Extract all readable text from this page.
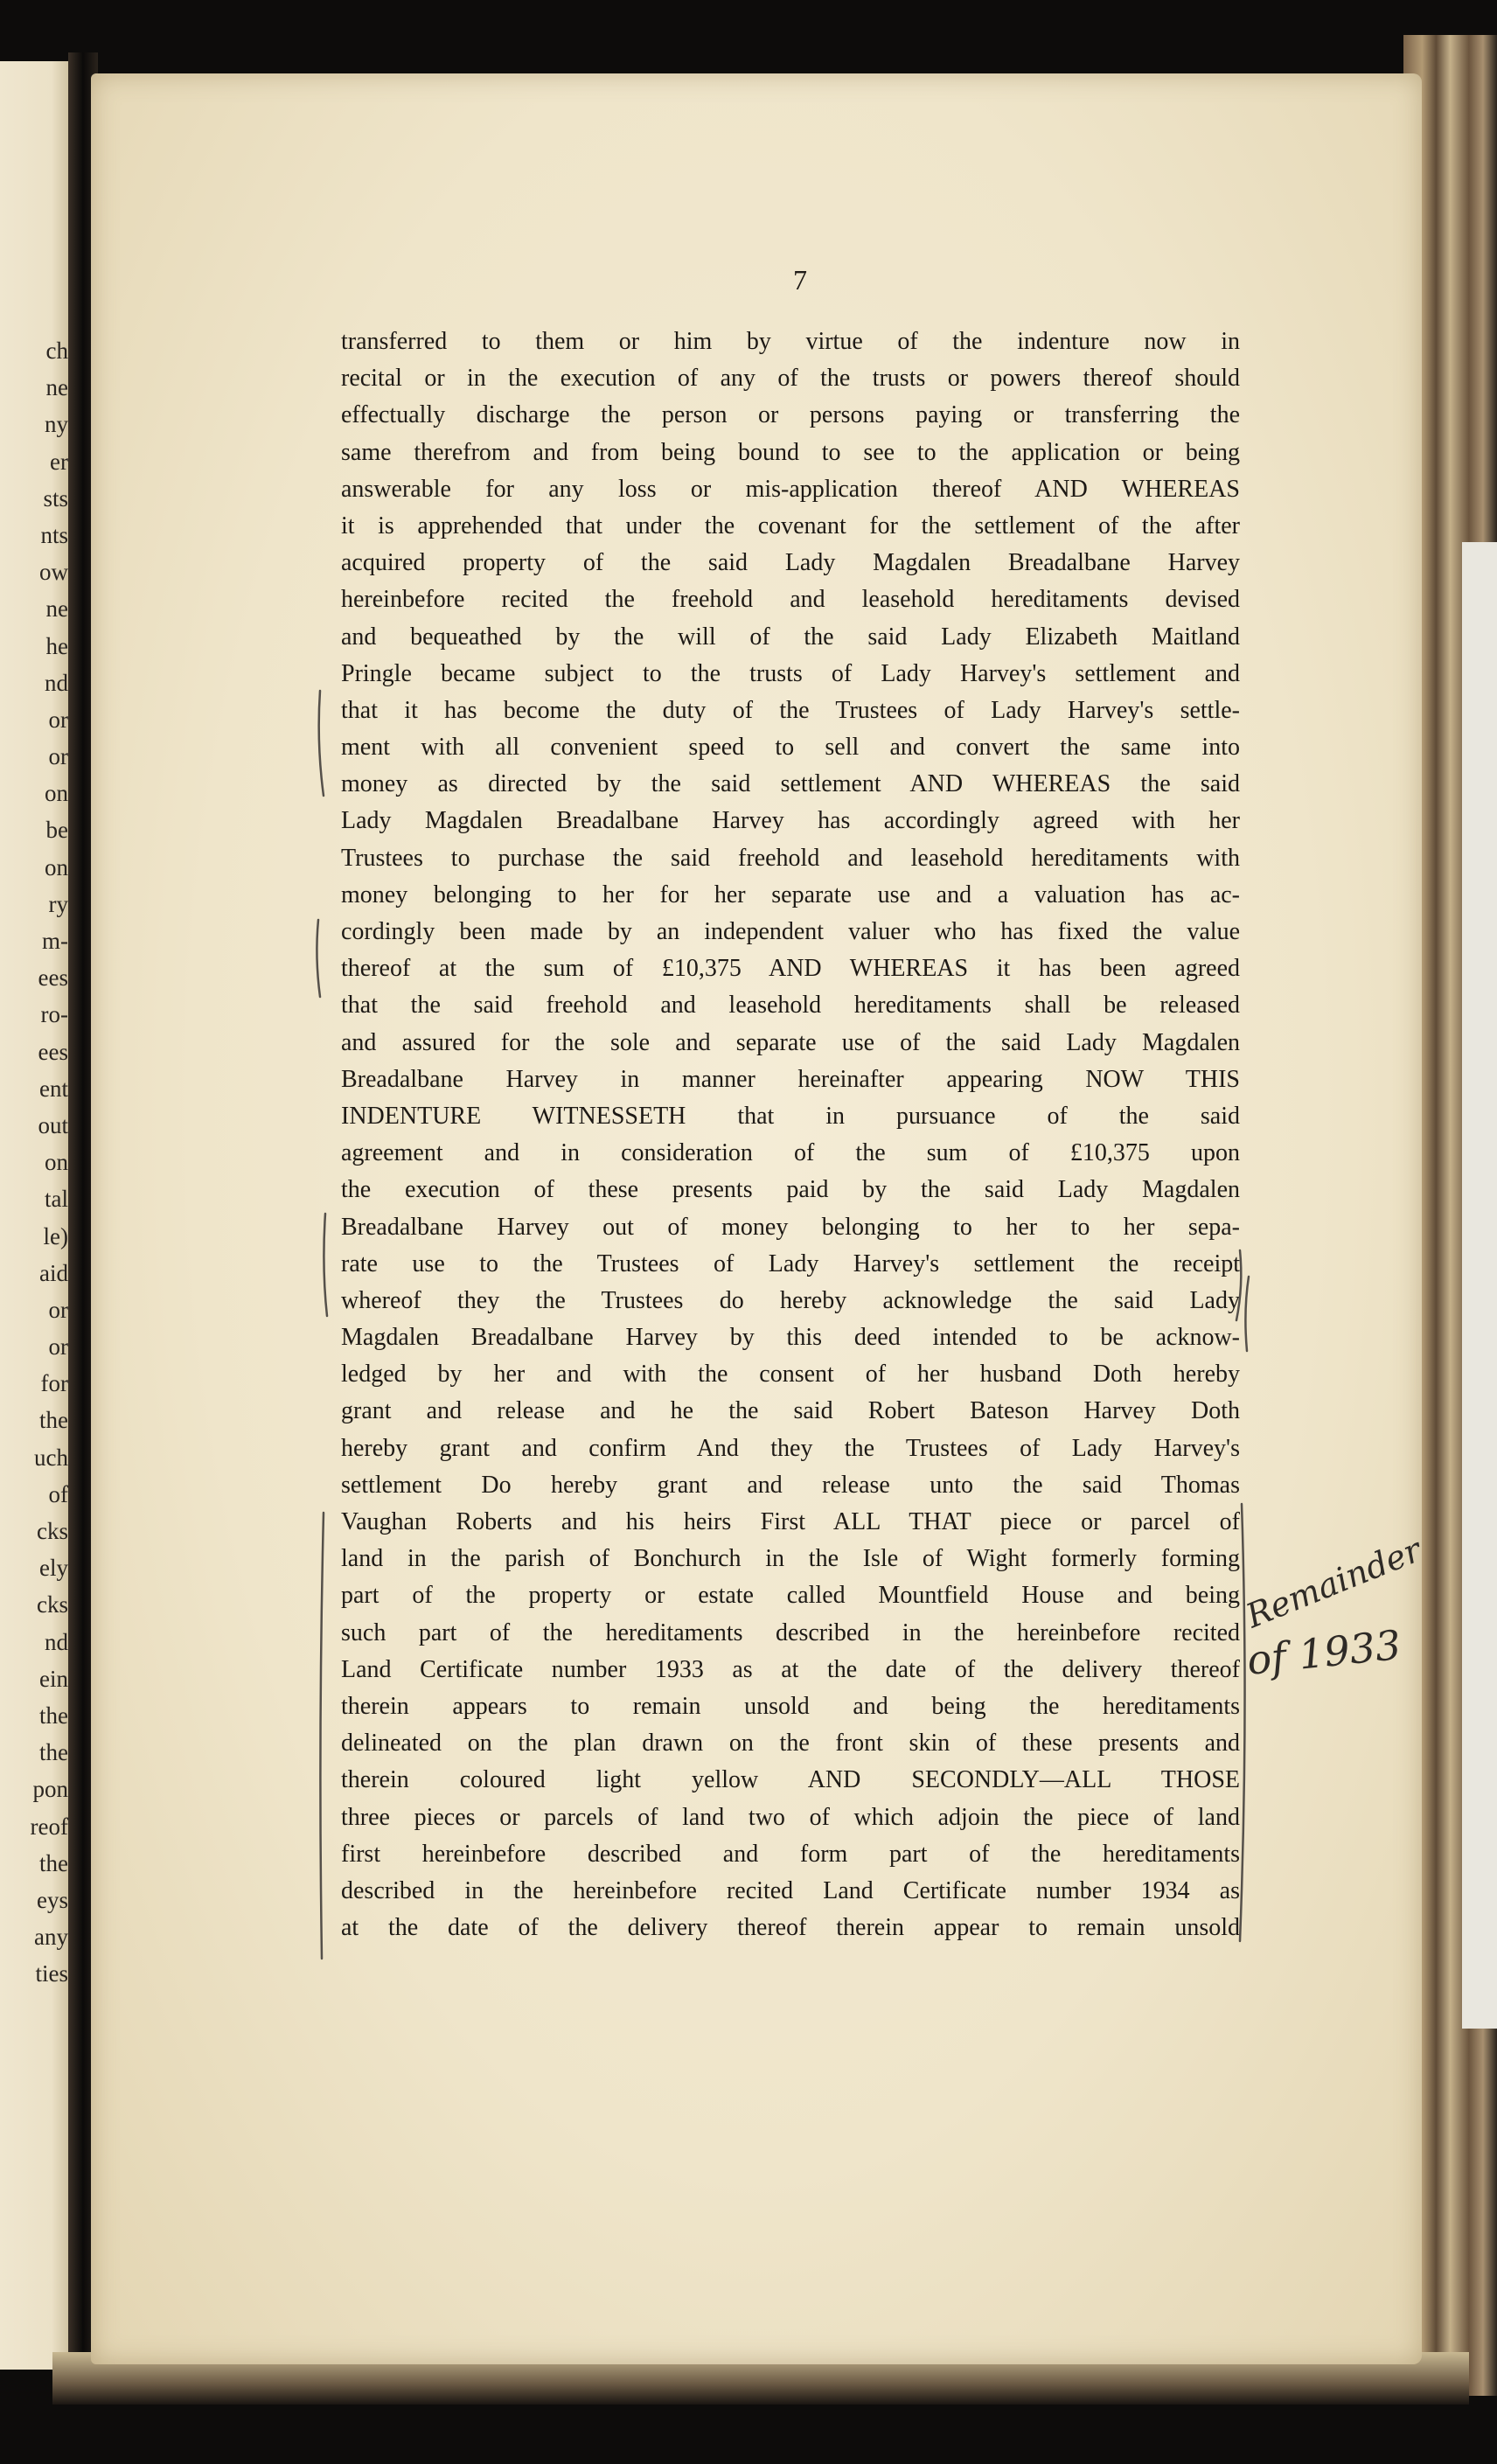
ch
ne
ny
er
sts
nts
ow
ne
he
nd
or
or
on
be
on
ry
m-
ees
ro-
ees
ent
out
on
tal
le)
aid
or
or
for
the
uch
of
cks
ely
cks
nd
ein
the
the
pon
reof
the
eys
any
ties
7
transferred to them or him by virtue of the indenture now in
recital or in the execution of any of the trusts or powers thereof should
effectually discharge the person or persons paying or transferring the
same therefrom and from being bound to see to the application or being
answerable for any loss or mis-application thereof AND WHEREAS
it is apprehended that under the covenant for the settlement of the after
acquired property of the said Lady Magdalen Breadalbane Harvey
hereinbefore recited the freehold and leasehold hereditaments devised
and bequeathed by the will of the said Lady Elizabeth Maitland
Pringle became subject to the trusts of Lady Harvey's settlement and
that it has become the duty of the Trustees of Lady Harvey's settle-
ment with all convenient speed to sell and convert the same into
money as directed by the said settlement AND WHEREAS the said
Lady Magdalen Breadalbane Harvey has accordingly agreed with her
Trustees to purchase the said freehold and leasehold hereditaments with
money belonging to her for her separate use and a valuation has ac-
cordingly been made by an independent valuer who has fixed the value
thereof at the sum of £10,375 AND WHEREAS it has been agreed
that the said freehold and leasehold hereditaments shall be released
and assured for the sole and separate use of the said Lady Magdalen
Breadalbane Harvey in manner hereinafter appearing NOW THIS
INDENTURE WITNESSETH that in pursuance of the said
agreement and in consideration of the sum of £10,375 upon
the execution of these presents paid by the said Lady Magdalen
Breadalbane Harvey out of money belonging to her to her sepa-
rate use to the Trustees of Lady Harvey's settlement the receipt
whereof they the Trustees do hereby acknowledge the said Lady
Magdalen Breadalbane Harvey by this deed intended to be acknow-
ledged by her and with the consent of her husband Doth hereby
grant and release and he the said Robert Bateson Harvey Doth
hereby grant and confirm And they the Trustees of Lady Harvey's
settlement Do hereby grant and release unto the said Thomas
Vaughan Roberts and his heirs First ALL THAT piece or parcel of
land in the parish of Bonchurch in the Isle of Wight formerly forming
part of the property or estate called Mountfield House and being
such part of the hereditaments described in the hereinbefore recited
Land Certificate number 1933 as at the date of the delivery thereof
therein appears to remain unsold and being the hereditaments
delineated on the plan drawn on the front skin of these presents and
therein coloured light yellow AND SECONDLY—ALL THOSE
three pieces or parcels of land two of which adjoin the piece of land
first hereinbefore described and form part of the hereditaments
described in the hereinbefore recited Land Certificate number 1934 as
at the date of the delivery thereof therein appear to remain unsold
Remainder
of 1933
